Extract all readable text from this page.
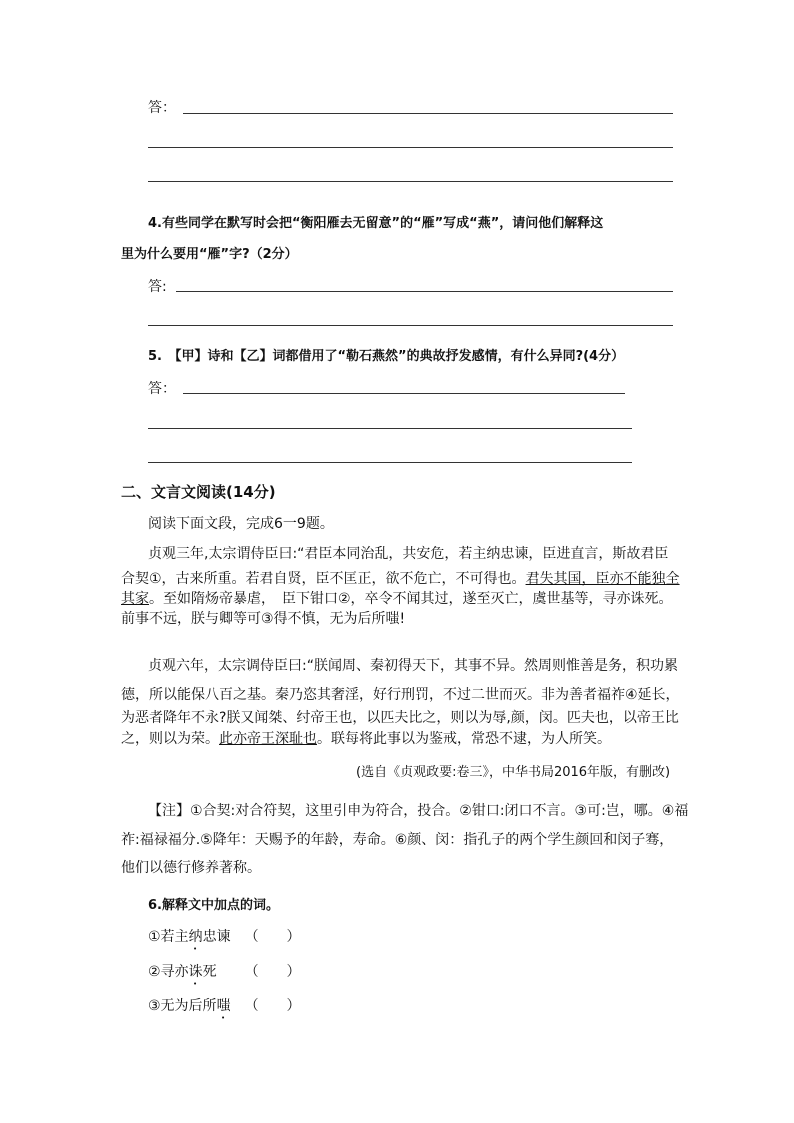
答：
4.有些同学在默写时会把“衡阳雁去无留意”的“雁”写成“燕”，请问他们解释这
里为什么要用“雁”字?（2分）
答:
5.　【甲】诗和【乙】词都借用了“勒石燕然”的典故抒发感情，有什么异同?(4分）
答：
二、文言文阅读(14分)
阅读下面文段，完成6一9题。
贞观三年,太宗谓侍臣曰:“君臣本同治乱，共安危，若主纳忠谏，臣进直言，斯故君臣
合契①，古来所重。若君自贤，臣不匡正，欲不危亡，不可得也。君失其国，臣亦不能独全
其家。至如隋炀帝暴虐，　臣下钳口②，卒令不闻其过，遂至灭亡，虞世基等，寻亦诛死。
前事不远，朕与卿等可③得不慎，无为后所嗤!
贞观六年，太宗调侍臣曰:“朕闻周、秦初得天下，其事不异。然周则惟善是务，积功累
德，所以能保八百之基。秦乃恣其奢淫，好行刑罚，不过二世而灭。非为善者福祚④延长，
为恶者降年不永?朕又闻桀、纣帝王也，以匹夫比之，则以为辱,颜，闵。匹夫也，以帝王比
之，则以为荣。此亦帝王深耻也。联每将此事以为鉴戒，常恐不逮，为人所笑。
(选自《贞观政要:卷三》，中华书局2016年版，有删改)
【注】①合契:对合符契，这里引申为符合，投合。②钳口:闭口不言。③可:岂，哪。④福
祚:福禄福分.⑤降年：天赐予的年龄，寿命。⑥颜、闵：指孔子的两个学生颜回和闵子骞，
他们以德行修养著称。
6.解释文中加点的词。
①若主纳忠谏 （　　）
②寻亦诛死 （　　）
③无为后所嗤 （　　）
